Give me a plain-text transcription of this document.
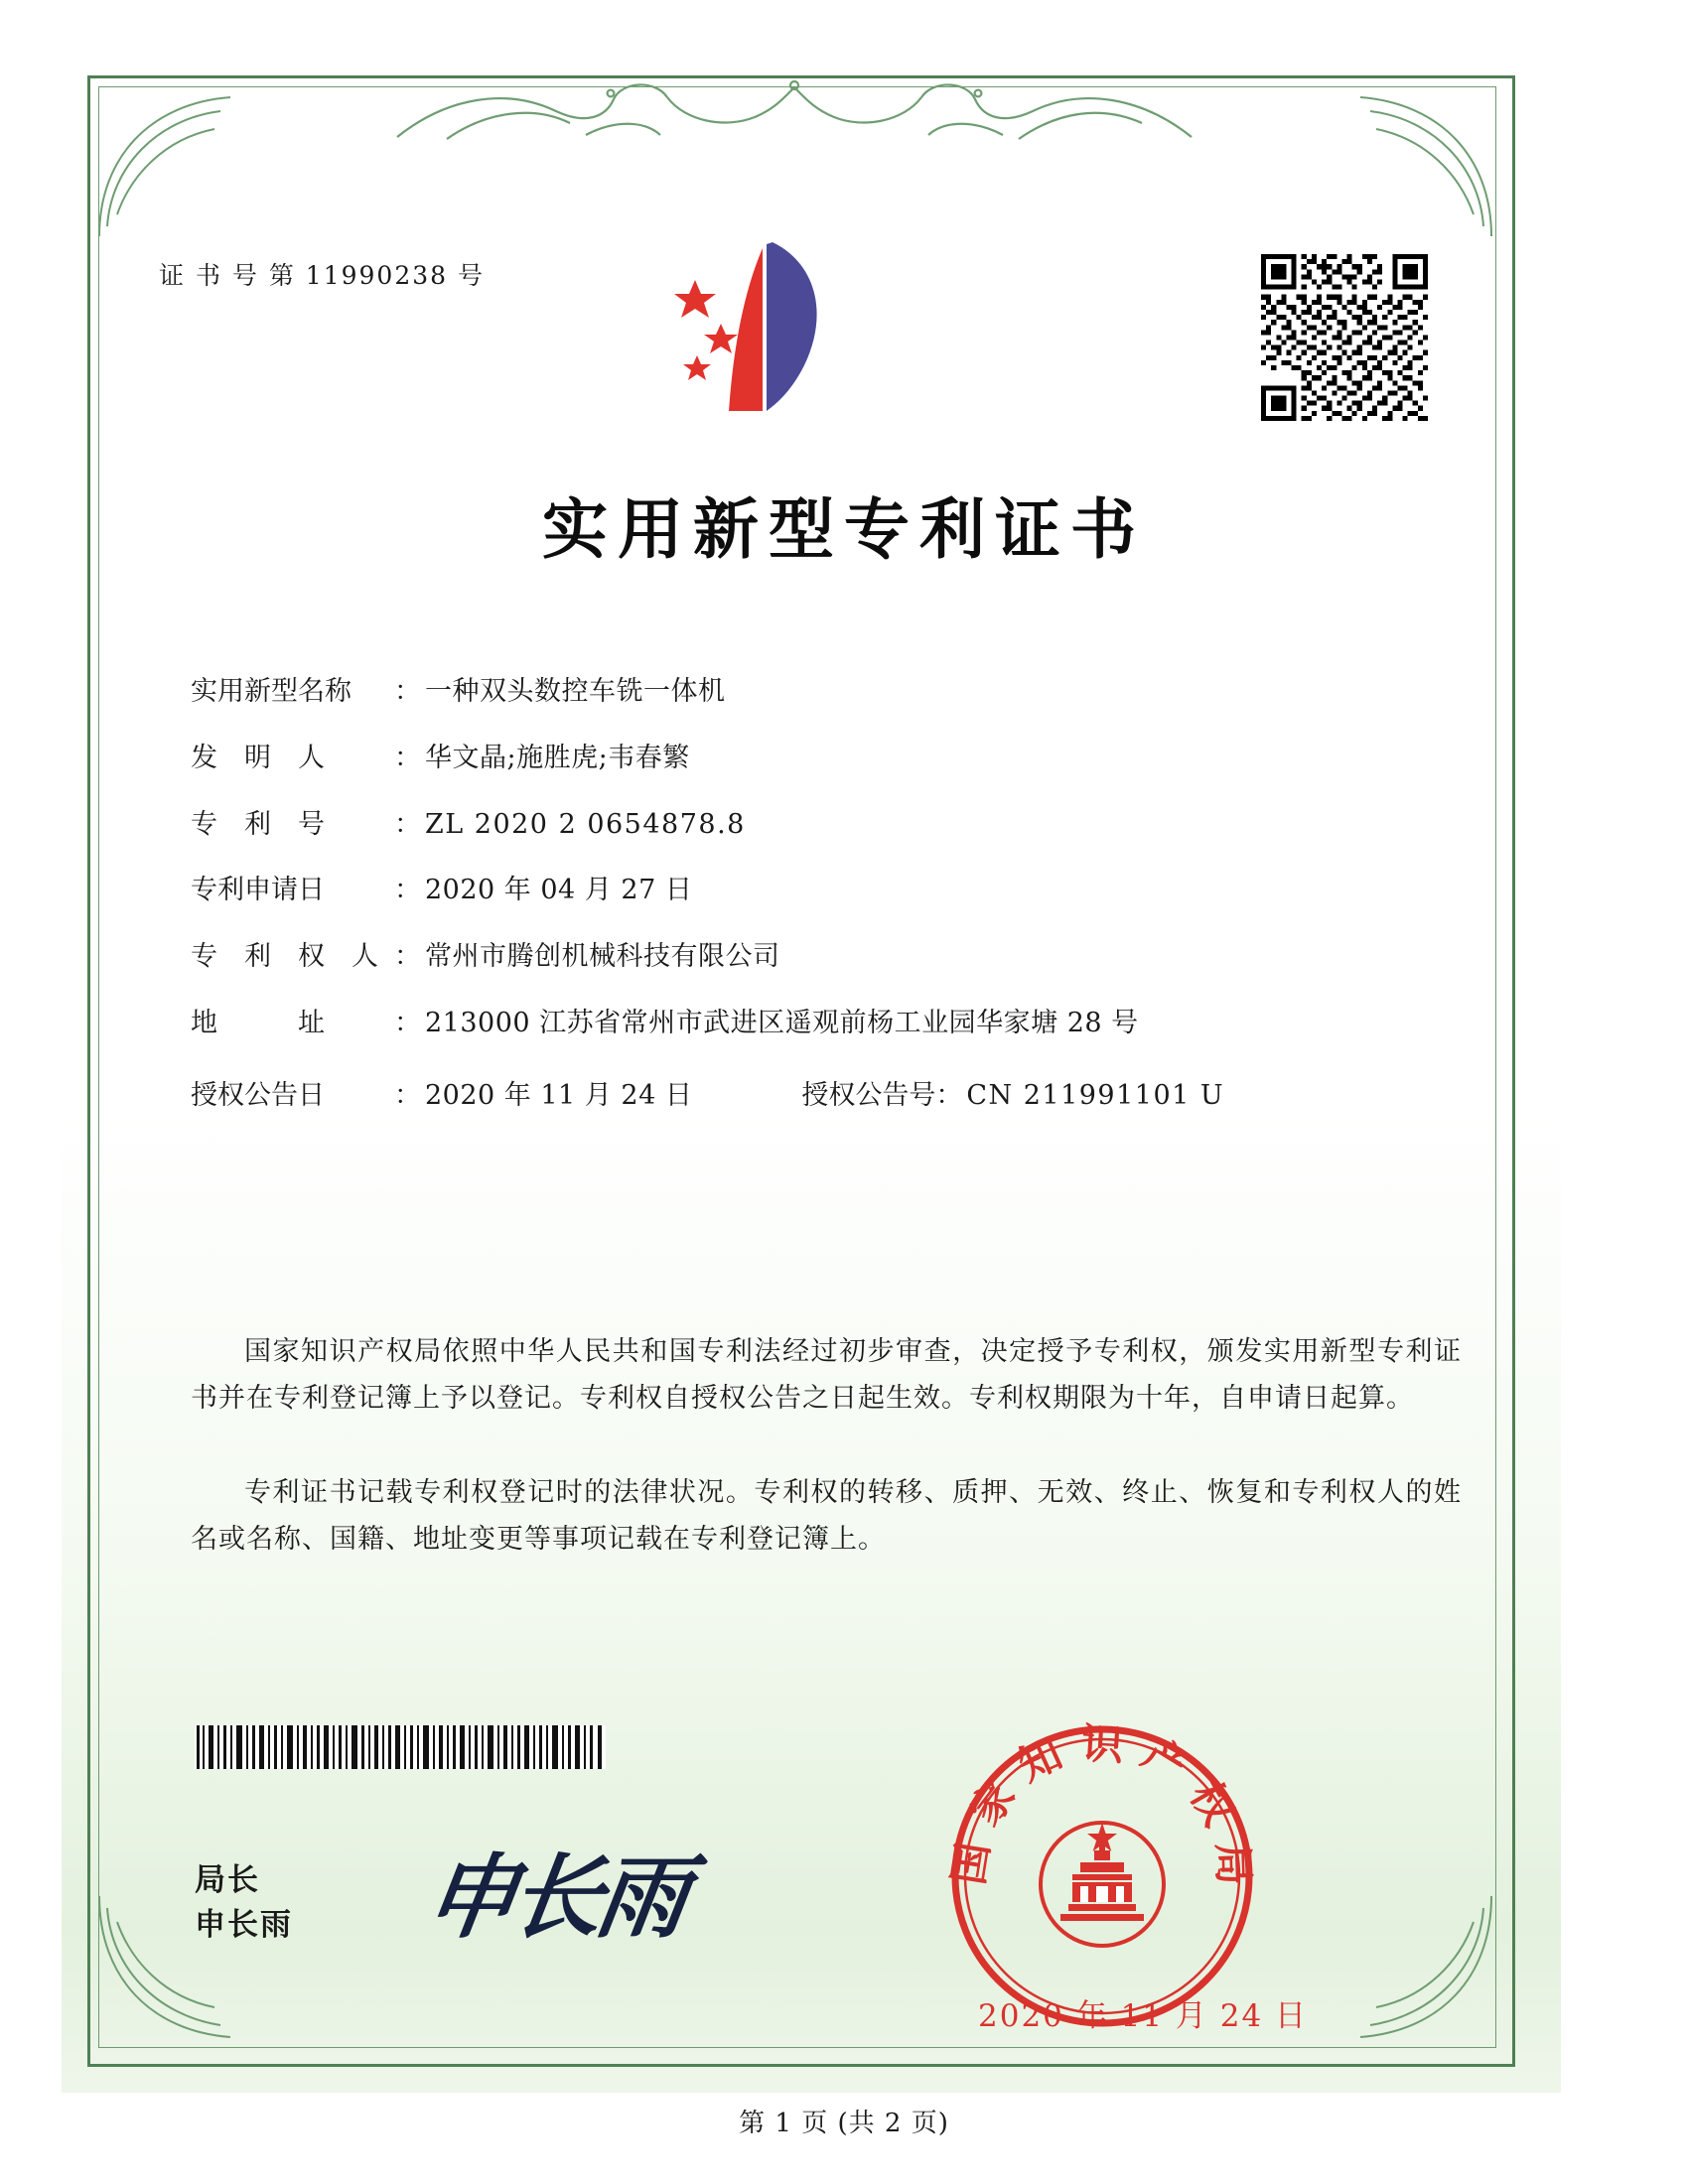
证 书 号 第 11990238 号
实用新型专利证书
实用新型名称	： 一种双头数控车铣一体机
发　明　人	： 华文晶;施胜虎;韦春繁
专　利　号	： ZL 2020 2 0654878.8
专利申请日	： 2020 年 04 月 27 日
专　利　权　人 ： 常州市腾创机械科技有限公司
地　　　址	： 213000 江苏省常州市武进区遥观前杨工业园华家塘 28 号
授权公告日	： 2020 年 11 月 24 日	授权公告号 ： CN 211991101 U
国家知识产权局依照中华人民共和国专利法经过初步审查，决定授予专利权，颁发实用新型专利证书并在专利登记簿上予以登记。专利权自授权公告之日起生效。专利权期限为十年，自申请日起算。
专利证书记载专利权登记时的法律状况。专利权的转移、质押、无效、终止、恢复和专利权人的姓名或名称、国籍、地址变更等事项记载在专利登记簿上。
局长
申长雨 申长雨	国家知识产权局
2020 年 11 月 24 日
第 1 页 (共 2 页)
